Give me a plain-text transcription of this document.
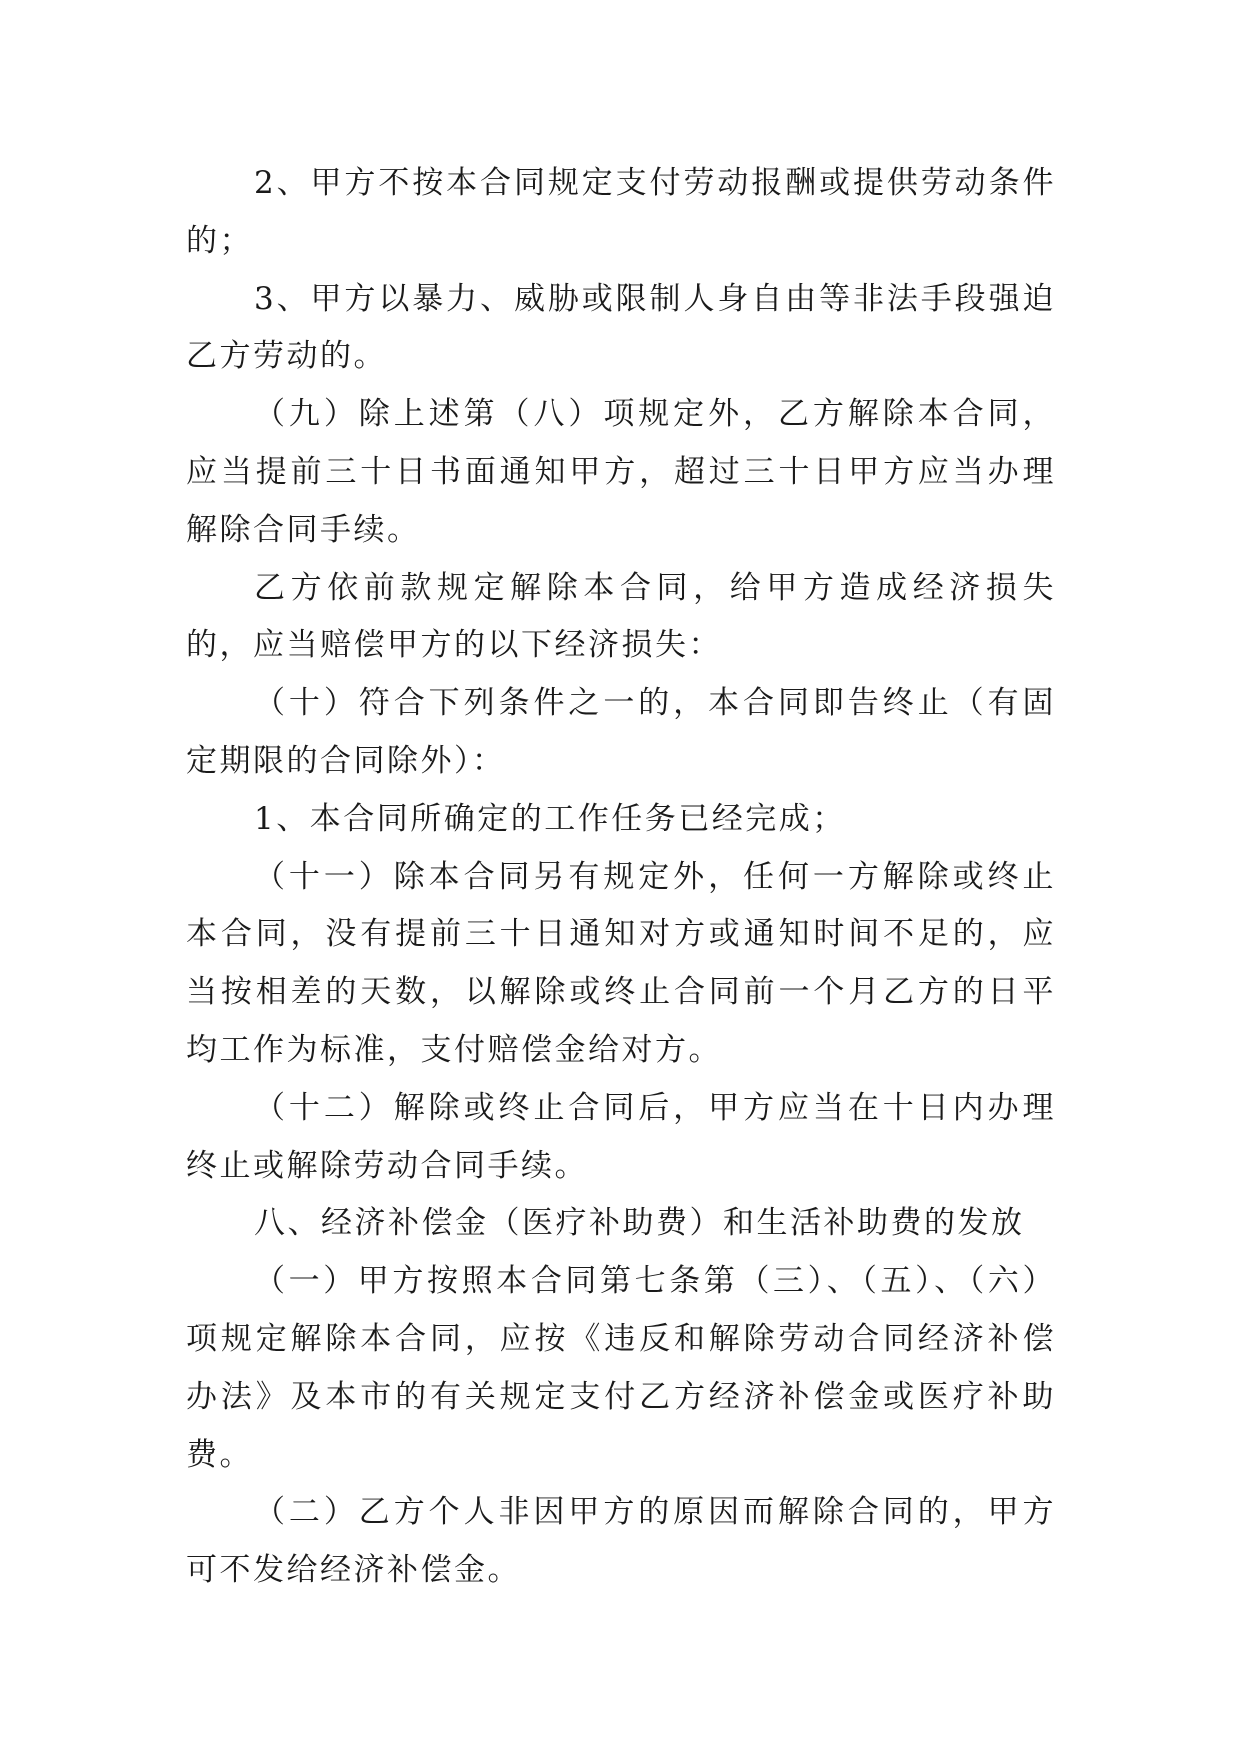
2、甲方不按本合同规定支付劳动报酬或提供劳动条件的；

3、甲方以暴力、威胁或限制人身自由等非法手段强迫乙方劳动的。

（九）除上述第（八）项规定外，乙方解除本合同，应当提前三十日书面通知甲方，超过三十日甲方应当办理解除合同手续。

乙方依前款规定解除本合同，给甲方造成经济损失的，应当赔偿甲方的以下经济损失：

（十）符合下列条件之一的，本合同即告终止（有固定期限的合同除外）：

1、本合同所确定的工作任务已经完成；

（十一）除本合同另有规定外，任何一方解除或终止本合同，没有提前三十日通知对方或通知时间不足的，应当按相差的天数，以解除或终止合同前一个月乙方的日平均工作为标准，支付赔偿金给对方。

（十二）解除或终止合同后，甲方应当在十日内办理终止或解除劳动合同手续。

八、经济补偿金（医疗补助费）和生活补助费的发放

（一）甲方按照本合同第七条第（三）、（五）、（六）项规定解除本合同，应按《违反和解除劳动合同经济补偿办法》及本市的有关规定支付乙方经济补偿金或医疗补助费。

（二）乙方个人非因甲方的原因而解除合同的，甲方可不发给经济补偿金。
